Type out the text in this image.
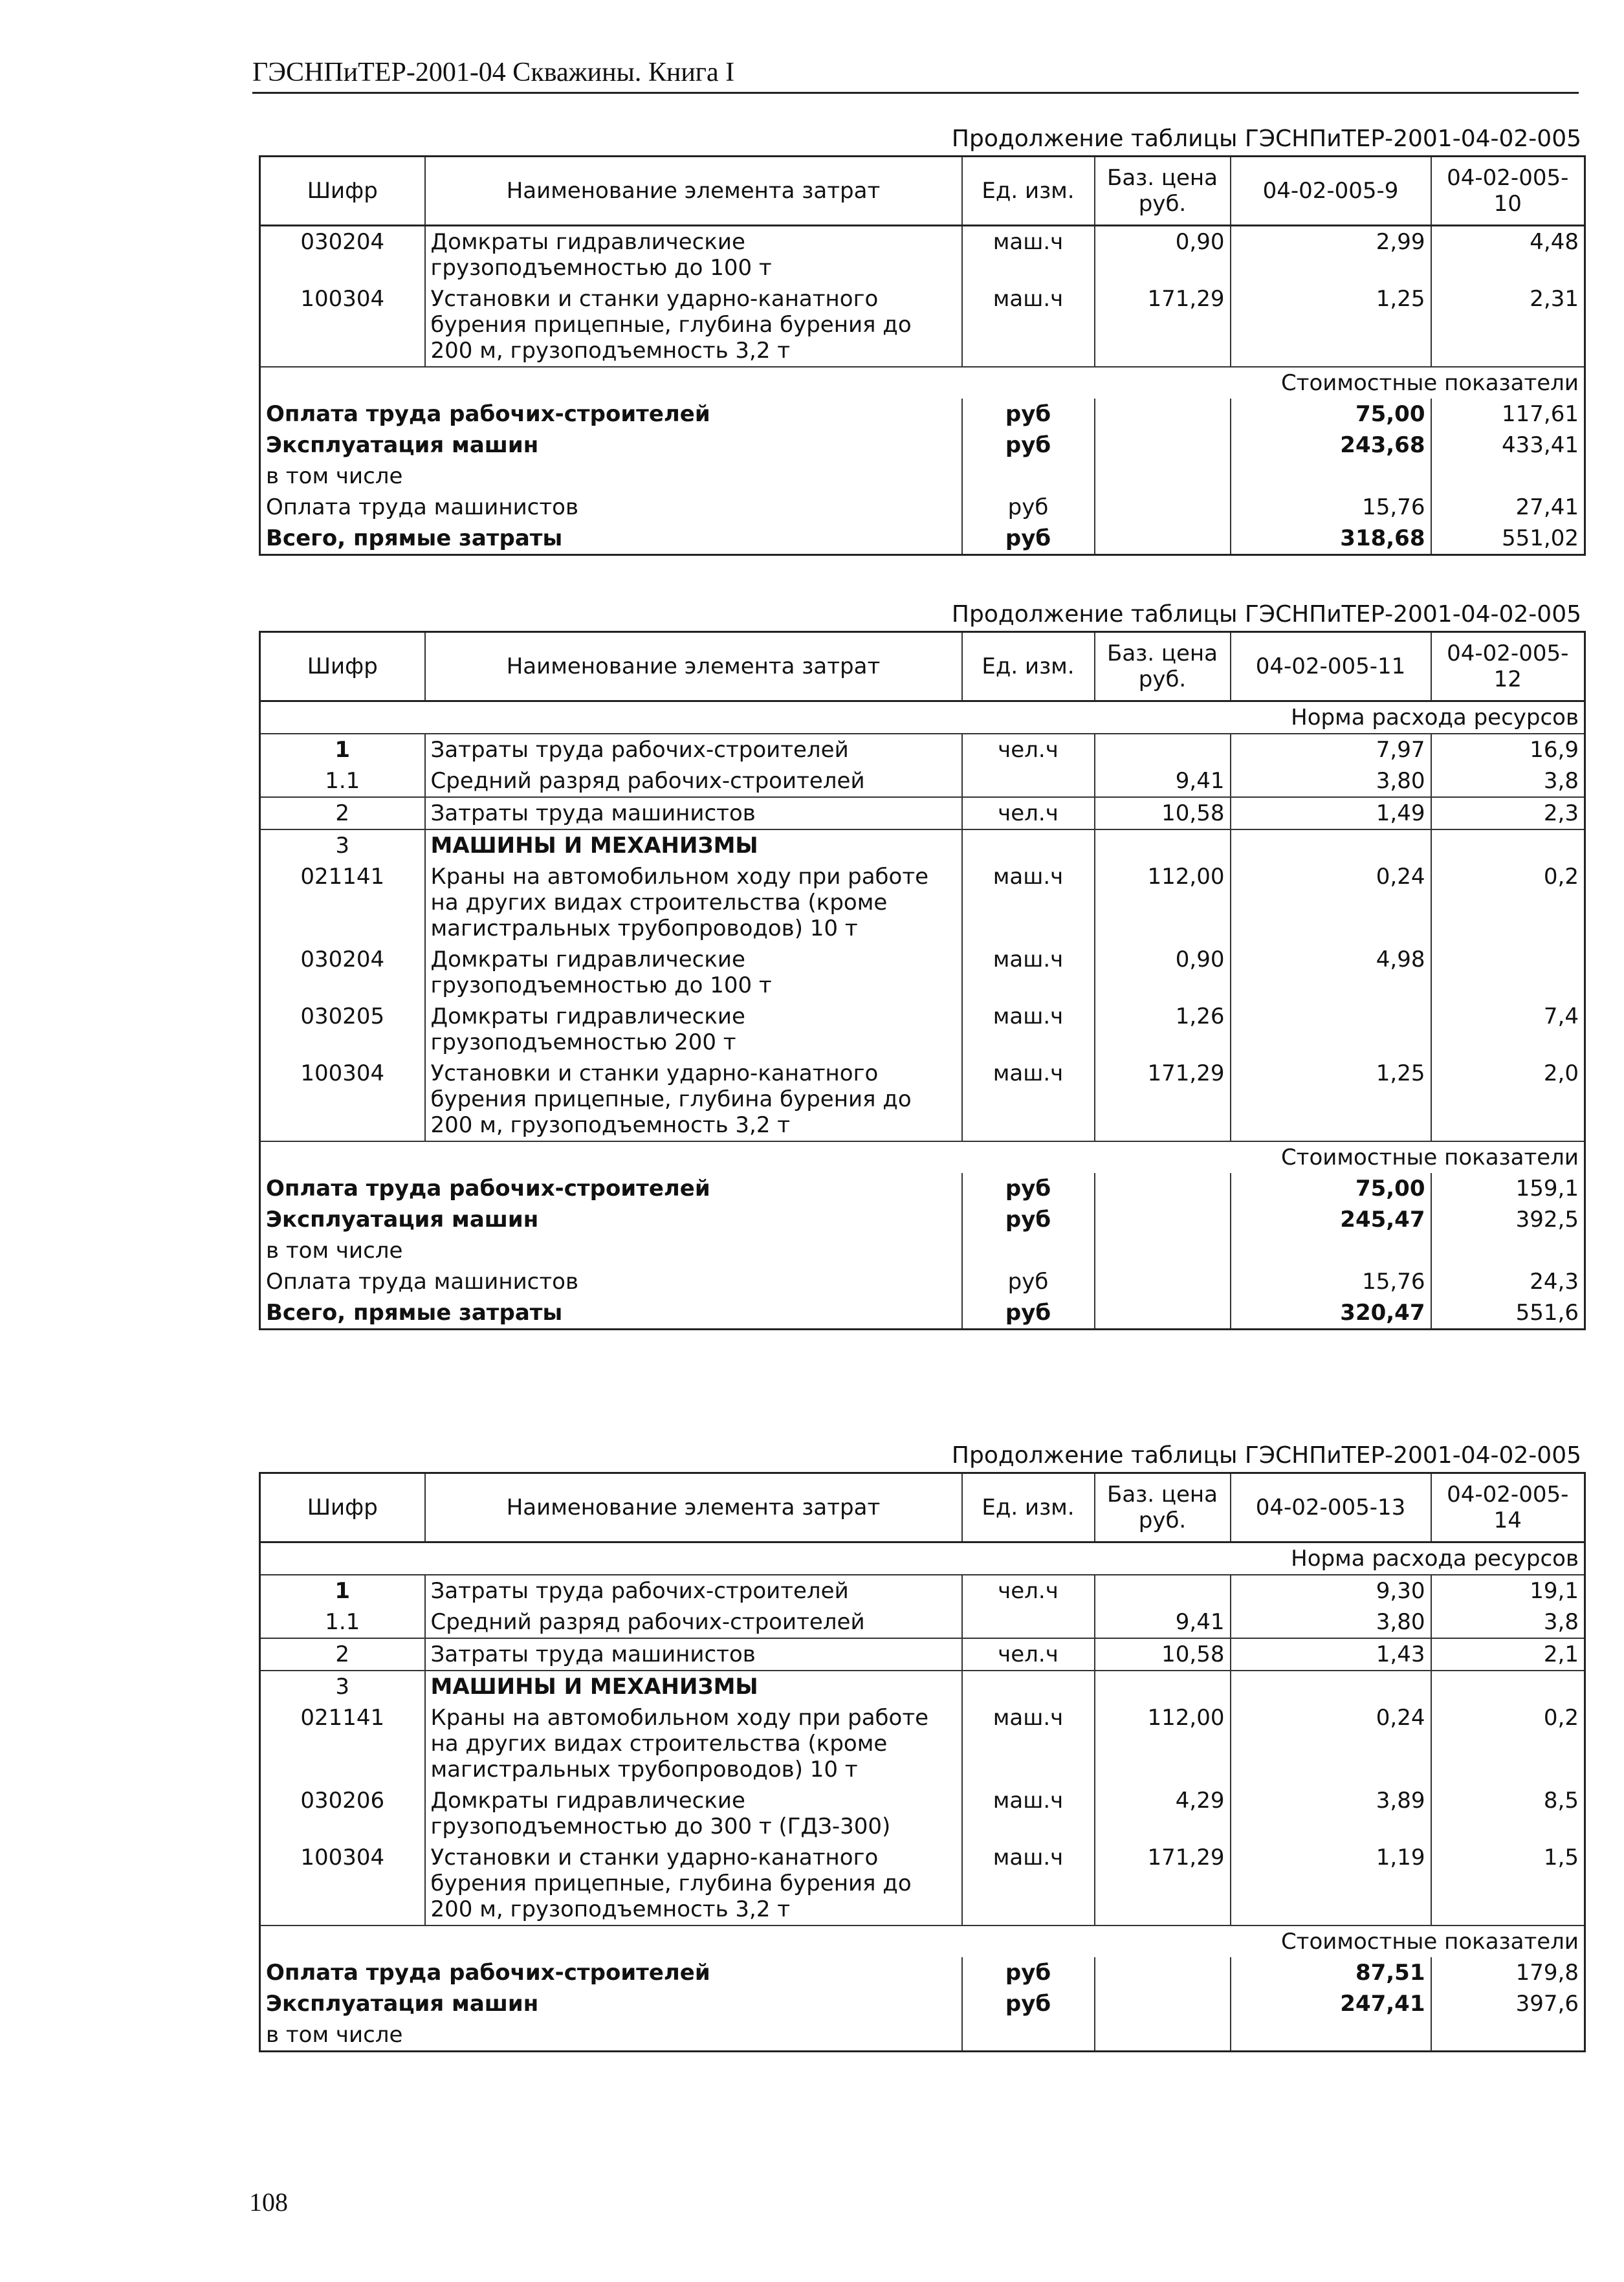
ГЭСНПиТЕР-2001-04 Скважины. Книга I
Продолжение таблицы ГЭСНПиТЕР-2001-04-02-005
Шифр	Наименование элемента затрат	Ед. изм.	Баз. цена руб.	04-02-005-9	04-02-005-10
030204	Домкраты гидравлические грузоподъемностью до 100 т	маш.ч	0,90	2,99	4,48
100304	Установки и станки ударно-канатного бурения прицепные, глубина бурения до 200 м, грузоподъемность 3,2 т	маш.ч	171,29	1,25	2,31
Стоимостные показатели					
Оплата труда рабочих-строителей		руб		75,00	117,61
Эксплуатация машин		руб		243,68	433,41
в том числе					
Оплата труда машинистов		руб		15,76	27,41
Всего, прямые затраты		руб		318,68	551,02
Продолжение таблицы ГЭСНПиТЕР-2001-04-02-005
Шифр	Наименование элемента затрат	Ед. изм.	Баз. цена руб.	04-02-005-11	04-02-005-12
Норма расхода ресурсов					
1	Затраты труда рабочих-строителей	чел.ч		7,97	16,9
1.1	Средний разряд рабочих-строителей		9,41	3,80	3,8
2	Затраты труда машинистов	чел.ч	10,58	1,49	2,3
3	МАШИНЫ И МЕХАНИЗМЫ				
021141	Краны на автомобильном ходу при работе на других видах строительства (кроме магистральных трубопроводов) 10 т	маш.ч	112,00	0,24	0,2
030204	Домкраты гидравлические грузоподъемностью до 100 т	маш.ч	0,90	4,98	
030205	Домкраты гидравлические грузоподъемностью 200 т	маш.ч	1,26		7,4
100304	Установки и станки ударно-канатного бурения прицепные, глубина бурения до 200 м, грузоподъемность 3,2 т	маш.ч	171,29	1,25	2,0
Стоимостные показатели					
Оплата труда рабочих-строителей		руб		75,00	159,1
Эксплуатация машин		руб		245,47	392,5
в том числе					
Оплата труда машинистов		руб		15,76	24,3
Всего, прямые затраты		руб		320,47	551,6
Продолжение таблицы ГЭСНПиТЕР-2001-04-02-005
Шифр	Наименование элемента затрат	Ед. изм.	Баз. цена руб.	04-02-005-13	04-02-005-14
Норма расхода ресурсов					
1	Затраты труда рабочих-строителей	чел.ч		9,30	19,1
1.1	Средний разряд рабочих-строителей		9,41	3,80	3,8
2	Затраты труда машинистов	чел.ч	10,58	1,43	2,1
3	МАШИНЫ И МЕХАНИЗМЫ				
021141	Краны на автомобильном ходу при работе на других видах строительства (кроме магистральных трубопроводов) 10 т	маш.ч	112,00	0,24	0,2
030206	Домкраты гидравлические грузоподъемностью до 300 т (ГДЗ-300)	маш.ч	4,29	3,89	8,5
100304	Установки и станки ударно-канатного бурения прицепные, глубина бурения до 200 м, грузоподъемность 3,2 т	маш.ч	171,29	1,19	1,5
Стоимостные показатели					
Оплата труда рабочих-строителей		руб		87,51	179,8
Эксплуатация машин		руб		247,41	397,6
в том числе					
108
